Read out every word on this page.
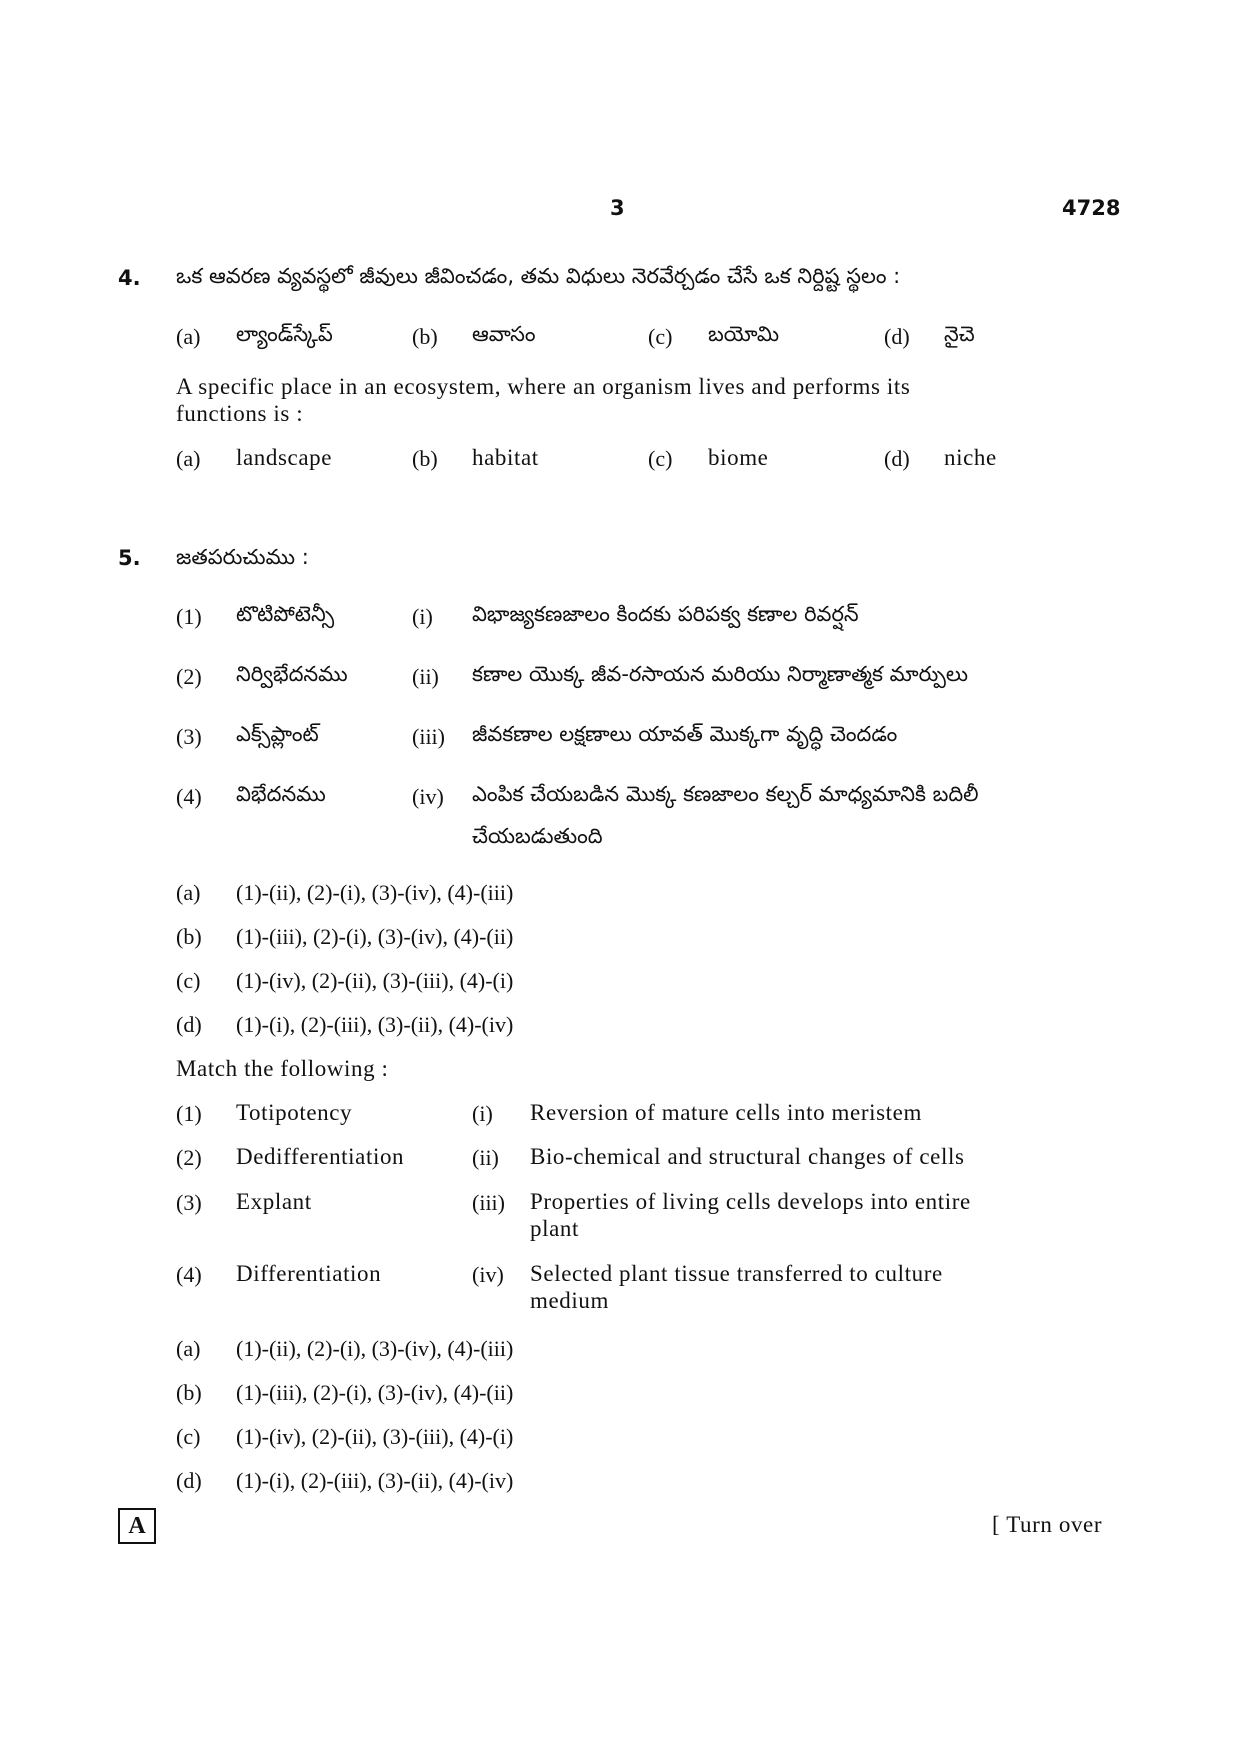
3	4728
4. ఒక ఆవరణ వ్యవస్థలో జీవులు జీవించడం, తమ విధులు నెరవేర్చడం చేసే ఒక నిర్దిష్ట స్థలం :
(a) ల్యాండ్‌స్కేప్	(b) ఆవాసం	(c) బయోమి	(d) నైచె
A specific place in an ecosystem, where an organism lives and performs its
functions is :
(a) landscape	(b) habitat	(c) biome	(d) niche
5. జతపరుచుము :
(1) టొటిపోటెన్సీ	(i) విభాజ్యకణజాలం కిందకు పరిపక్వ కణాల రివర్షన్
(2) నిర్విభేదనము	(ii) కణాల యొక్క జీవ-రసాయన మరియు నిర్మాణాత్మక మార్పులు
(3) ఎక్స్‌ప్లాంట్	(iii) జీవకణాల లక్షణాలు యావత్ మొక్కగా వృద్ధి చెందడం
(4) విభేదనము	(iv) ఎంపిక చేయబడిన మొక్క కణజాలం కల్చర్ మాధ్యమానికి బదిలీ
చేయబడుతుంది
(a) (1)-(ii), (2)-(i), (3)-(iv), (4)-(iii)
(b) (1)-(iii), (2)-(i), (3)-(iv), (4)-(ii)
(c) (1)-(iv), (2)-(ii), (3)-(iii), (4)-(i)
(d) (1)-(i), (2)-(iii), (3)-(ii), (4)-(iv)
Match the following :
(1) Totipotency	(i) Reversion of mature cells into meristem
(2) Dedifferentiation	(ii) Bio-chemical and structural changes of cells
(3) Explant	(iii) Properties of living cells develops into entire
plant
(4) Differentiation	(iv) Selected plant tissue transferred to culture
medium
(a) (1)-(ii), (2)-(i), (3)-(iv), (4)-(iii)
(b) (1)-(iii), (2)-(i), (3)-(iv), (4)-(ii)
(c) (1)-(iv), (2)-(ii), (3)-(iii), (4)-(i)
(d) (1)-(i), (2)-(iii), (3)-(ii), (4)-(iv)
A	[ Turn over
